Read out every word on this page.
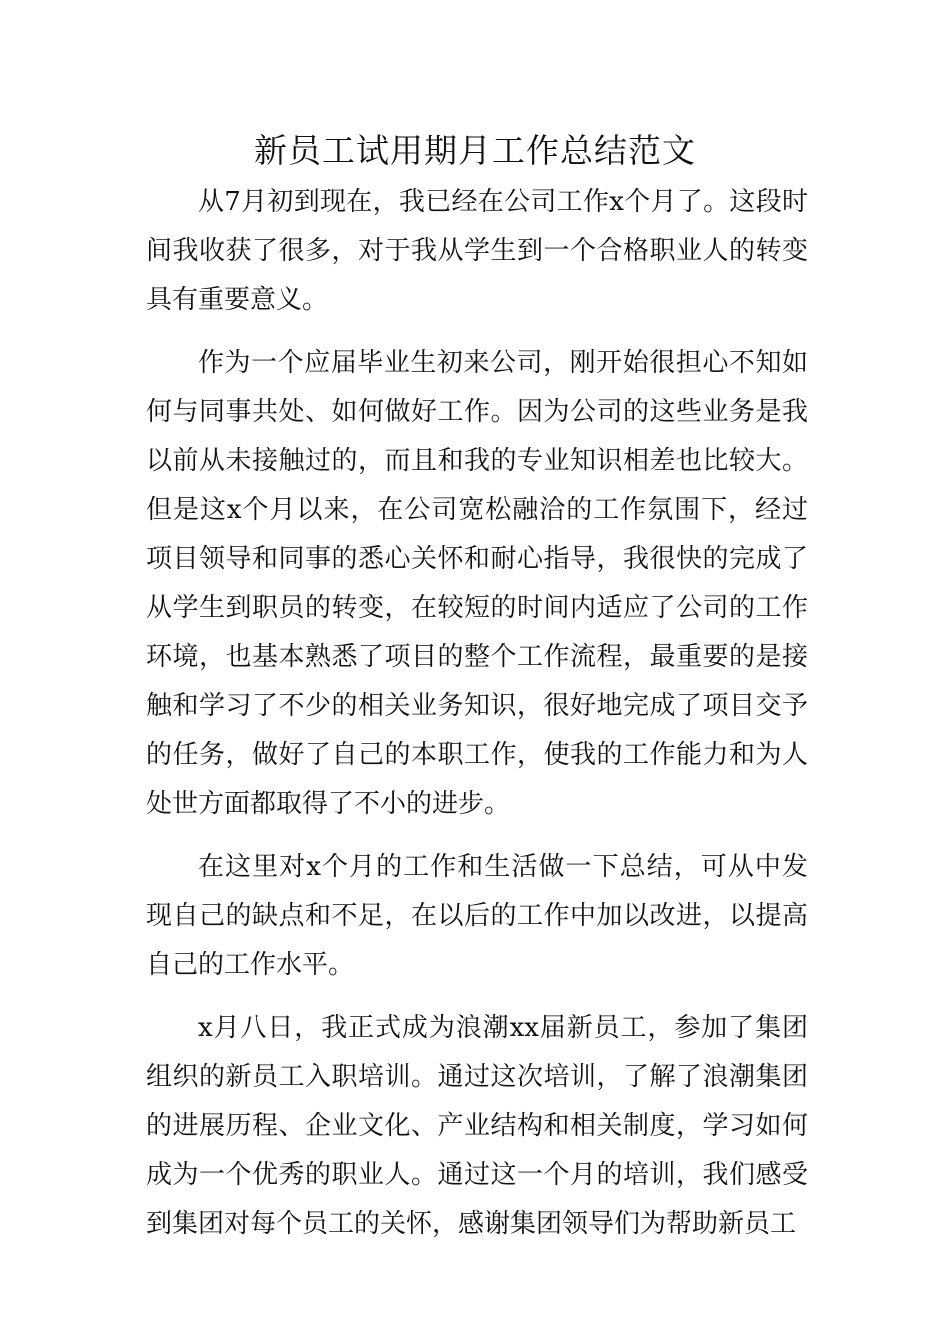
新员工试用期月工作总结范文

从7月初到现在，我已经在公司工作x个月了。这段时间我收获了很多，对于我从学生到一个合格职业人的转变具有重要意义。

作为一个应届毕业生初来公司，刚开始很担心不知如何与同事共处、如何做好工作。因为公司的这些业务是我以前从未接触过的，而且和我的专业知识相差也比较大。但是这x个月以来，在公司宽松融洽的工作氛围下，经过项目领导和同事的悉心关怀和耐心指导，我很快的完成了从学生到职员的转变，在较短的时间内适应了公司的工作环境，也基本熟悉了项目的整个工作流程，最重要的是接触和学习了不少的相关业务知识，很好地完成了项目交予的任务，做好了自己的本职工作，使我的工作能力和为人处世方面都取得了不小的进步。

在这里对x个月的工作和生活做一下总结，可从中发现自己的缺点和不足，在以后的工作中加以改进，以提高自己的工作水平。

x月八日，我正式成为浪潮xx届新员工，参加了集团组织的新员工入职培训。通过这次培训，了解了浪潮集团的进展历程、企业文化、产业结构和相关制度，学习如何成为一个优秀的职业人。通过这一个月的培训，我们感受到集团对每个员工的关怀，感谢集团领导们为帮助新员工
